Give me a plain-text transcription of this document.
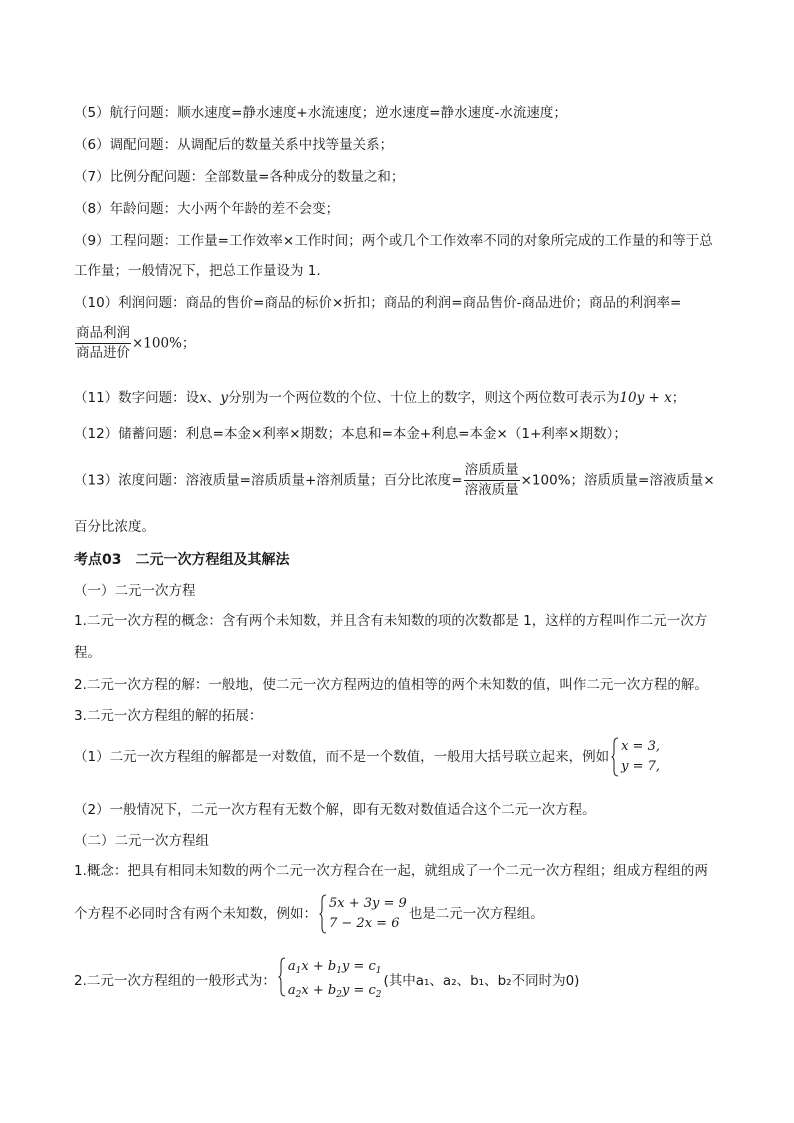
（5）航行问题：顺水速度=静水速度+水流速度；逆水速度=静水速度-水流速度；
（6）调配问题：从调配后的数量关系中找等量关系；
（7）比例分配问题：全部数量=各种成分的数量之和；
（8）年龄问题：大小两个年龄的差不会变；
（9）工程问题：工作量=工作效率×工作时间；两个或几个工作效率不同的对象所完成的工作量的和等于总
工作量；一般情况下，把总工作量设为 1.
（10）利润问题：商品的售价=商品的标价×折扣；商品的利润=商品售价-商品进价；商品的利润率=
$\frac{\text{商品利润}}{\text{商品进价}} \times 100\%$；
（11）数字问题：设x、y分别为一个两位数的个位、十位上的数字，则这个两位数可表示为10y + x；
（12）储蓄问题：利息=本金×利率×期数；本息和=本金+利息=本金×（1+利率×期数）；
（13）浓度问题：溶液质量=溶质质量+溶剂质量；百分比浓度= $\frac{\text{溶质质量}}{\text{溶液质量}} \times 100\%$；溶质质量=溶液质量×
百分比浓度。
考点03　二元一次方程组及其解法
（一）二元一次方程
1.二元一次方程的概念：含有两个未知数，并且含有未知数的项的次数都是 1，这样的方程叫作二元一次方
程。
2.二元一次方程的解：一般地，使二元一次方程两边的值相等的两个未知数的值，叫作二元一次方程的解。
3.二元一次方程组的解的拓展：
（1）二元一次方程组的解都是一对数值，而不是一个数值，一般用大括号联立起来，例如
x = 3,
y = 7,
（2）一般情况下，二元一次方程有无数个解，即有无数对数值适合这个二元一次方程。
（二）二元一次方程组
1.概念：把具有相同未知数的两个二元一次方程合在一起，就组成了一个二元一次方程组；组成方程组的两
个方程不必同时含有两个未知数，例如：
5x + 3y = 9
7 − 2x = 6
也是二元一次方程组。
2.二元一次方程组的一般形式为：
$a_1x + b_1y = c_1$
$a_2x + b_2y = c_2$
(其中a₁、a₂、b₁、b₂不同时为0)
